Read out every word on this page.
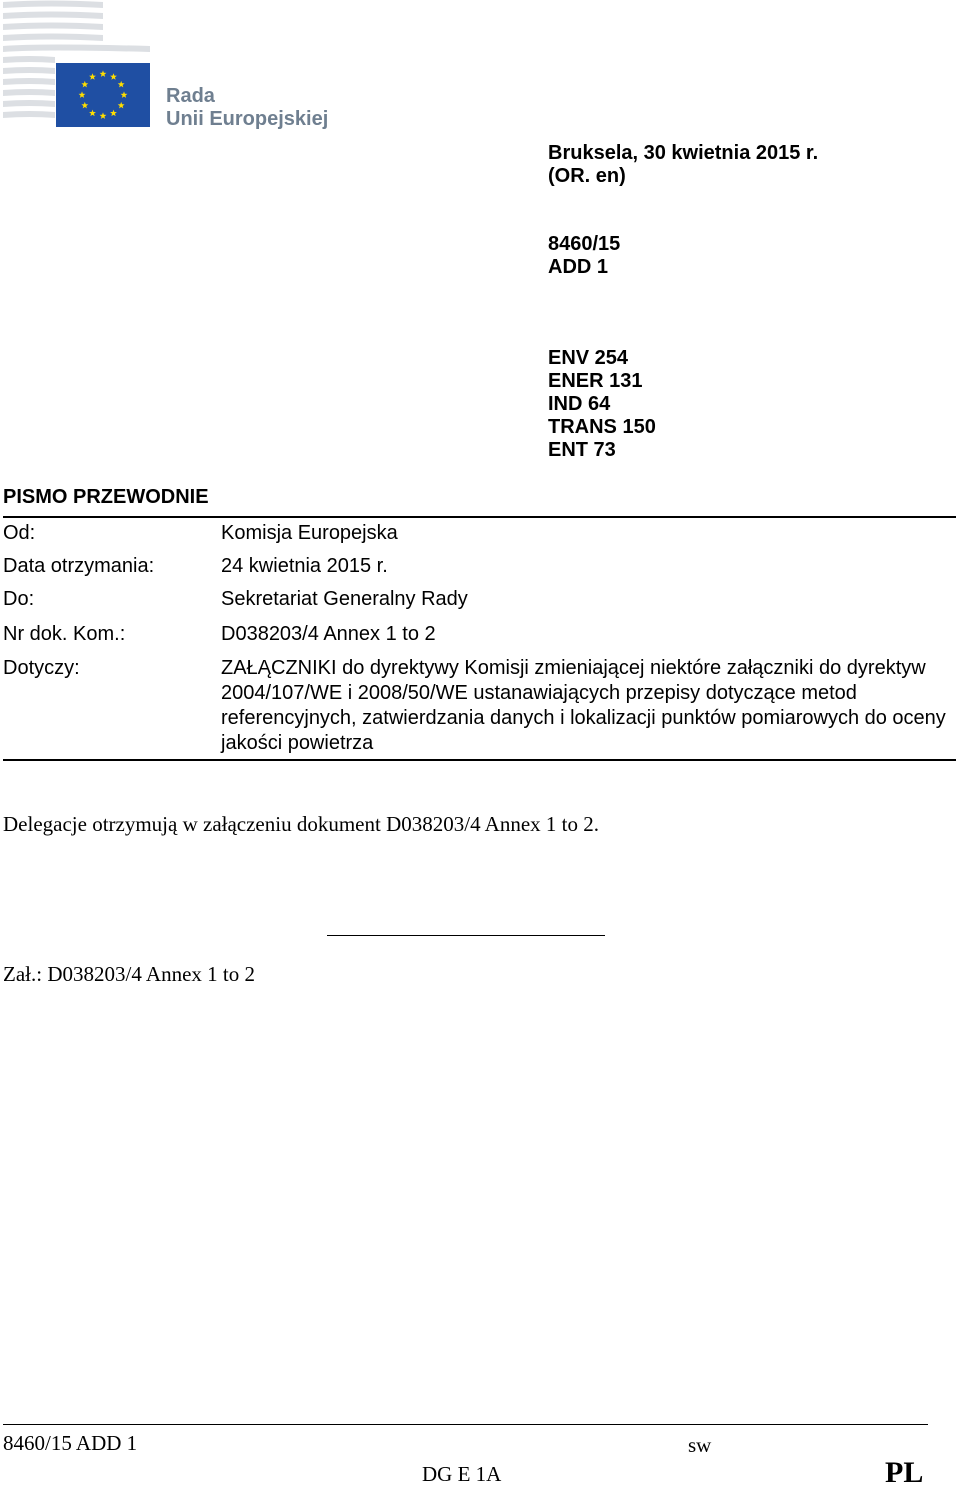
Rada
Unii Europejskiej
Bruksela, 30 kwietnia 2015 r.
(OR. en)
8460/15
ADD 1
ENV 254
ENER 131
IND 64
TRANS 150
ENT 73
PISMO PRZEWODNIE
Od:	Komisja Europejska
Data otrzymania:	24 kwietnia 2015 r.
Do:	Sekretariat Generalny Rady
Nr dok. Kom.:	D038203/4 Annex 1 to 2
Dotyczy:	ZAŁĄCZNIKI do dyrektywy Komisji zmieniającej niektóre załączniki do dyrektyw 2004/107/WE i 2008/50/WE ustanawiających przepisy dotyczące metod referencyjnych, zatwierdzania danych i lokalizacji punktów pomiarowych do oceny jakości powietrza
Delegacje otrzymują w załączeniu dokument D038203/4 Annex 1 to 2.
Zał.: D038203/4 Annex 1 to 2
8460/15 ADD 1	sw
DG E 1A	PL
